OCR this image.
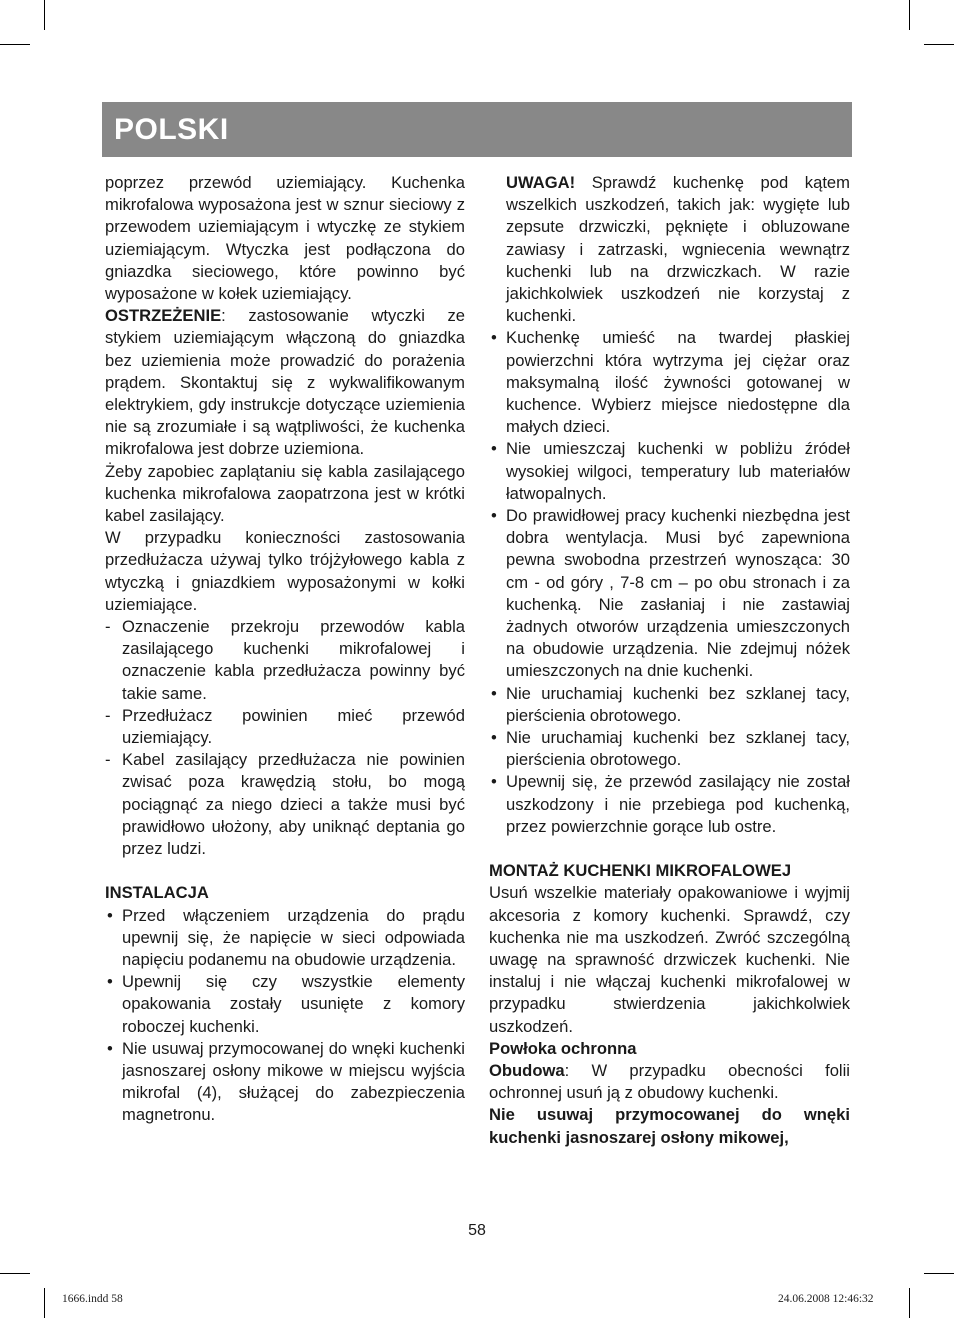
POLSKI

poprzez przewód uziemiający. Kuchenka mikrofalowa wyposażona jest w sznur sieciowy z przewodem uziemiającym i wtyczkę ze stykiem uziemiającym. Wtyczka jest podłączona do gniazdka sieciowego, które powinno być wyposażone w kołek uziemiający.

OSTRZEŻENIE: zastosowanie wtyczki ze stykiem uziemiającym włączoną do gniazdka bez uziemienia może prowadzić do porażenia prądem. Skontaktuj się z wykwalifikowanym elektrykiem, gdy instrukcje dotyczące uziemienia nie są zrozumiałe i są wątpliwości, że kuchenka mikrofalowa jest dobrze uziemiona.

Żeby zapobiec zaplątaniu się kabla zasilającego kuchenka mikrofalowa zaopatrzona jest w krótki kabel zasilający.

W przypadku konieczności zastosowania przedłużacza używaj tylko trójżyłowego kabla z wtyczką i gniazdkiem wyposażonymi w kołki uziemiające.

- Oznaczenie przekroju przewodów kabla zasilającego kuchenki mikrofalowej i oznaczenie kabla przedłużacza powinny być takie same.
- Przedłużacz powinien mieć przewód uziemiający.
- Kabel zasilający przedłużacza nie powinien zwisać poza krawędzią stołu, bo mogą pociągnąć za niego dzieci a także musi być prawidłowo ułożony, aby uniknąć deptania go przez ludzi.

INSTALACJA

• Przed włączeniem urządzenia do prądu upewnij się, że napięcie w sieci odpowiada napięciu podanemu na obudowie urządzenia.
• Upewnij się czy wszystkie elementy opakowania zostały usunięte z komory roboczej kuchenki.
• Nie usuwaj przymocowanej do wnęki kuchenki jasnoszarej osłony mikowe w miejscu wyjścia mikrofal (4), służącej do zabezpieczenia magnetronu.

UWAGA! Sprawdź kuchenkę pod kątem wszelkich uszkodzeń, takich jak: wygięte lub zepsute drzwiczki, pęknięte i obluzowane zawiasy i zatrzaski, wgniecenia wewnątrz kuchenki lub na drzwiczkach. W razie jakichkolwiek uszkodzeń nie korzystaj z kuchenki.

• Kuchenkę umieść na twardej płaskiej powierzchni która wytrzyma jej ciężar oraz maksymalną ilość żywności gotowanej w kuchence. Wybierz miejsce niedostępne dla małych dzieci.
• Nie umieszczaj kuchenki w pobliżu źródeł wysokiej wilgoci, temperatury lub materiałów łatwopalnych.
• Do prawidłowej pracy kuchenki niezbędna jest dobra wentylacja. Musi być zapewniona pewna swobodna przestrzeń wynosząca: 30 cm - od góry , 7-8 cm – po obu stronach i za kuchenką. Nie zasłaniaj i nie zastawiaj żadnych otworów urządzenia umieszczonych na obudowie urządzenia. Nie zdejmuj nóżek umieszczonych na dnie kuchenki.
• Nie uruchamiaj kuchenki bez szklanej tacy, pierścienia obrotowego.
• Nie uruchamiaj kuchenki bez szklanej tacy, pierścienia obrotowego.
• Upewnij się, że przewód zasilający nie został uszkodzony i nie przebiega pod kuchenką, przez powierzchnie gorące lub ostre.

MONTAŻ KUCHENKI MIKROFALOWEJ

Usuń wszelkie materiały opakowaniowe i wyjmij akcesoria z komory kuchenki. Sprawdź, czy kuchenka nie ma uszkodzeń. Zwróć szczególną uwagę na sprawność drzwiczek kuchenki. Nie instaluj i nie włączaj kuchenki mikrofalowej w przypadku stwierdzenia jakichkolwiek uszkodzeń.

Powłoka ochronna

Obudowa: W przypadku obecności folii ochronnej usuń ją z obudowy kuchenki.

Nie usuwaj przymocowanej do wnęki kuchenki jasnoszarej osłony mikowej,

58
1666.indd 58	24.06.2008 12:46:32
